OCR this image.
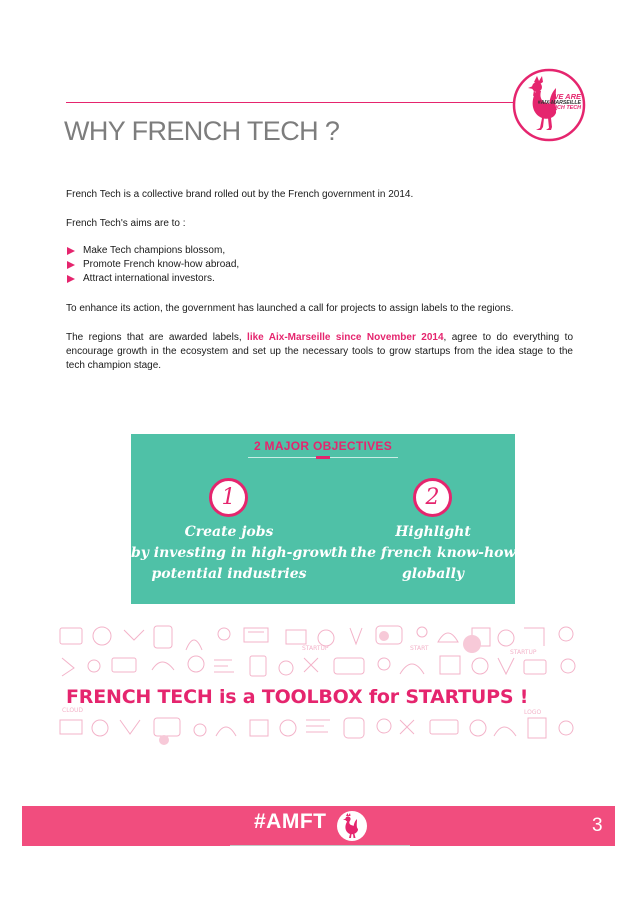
WE ARE
#AIX-MARSEILLE
FRENCH TECH
WHY FRENCH TECH ?

French Tech is a collective brand rolled out by the French government in 2014.

French Tech's aims are to :

Make Tech champions blossom,
Promote French know-how abroad,
Attract international investors.

To enhance its action, the government has launched a call for projects to assign labels to the regions.

The regions that are awarded labels, like Aix-Marseille since November 2014, agree to do everything to encourage growth in the ecosystem and set up the necessary tools to grow startups from the idea stage to the tech champion stage.

2 MAJOR OBJECTIVES
1	2
Create jobs
by investing in high-growth
potential industries
Highlight
the french know-how
globally
STARTUP
STARTUP
START
CLOUD	LOGO
FRENCH TECH is a TOOLBOX for STARTUPS !
#AMFT	3
